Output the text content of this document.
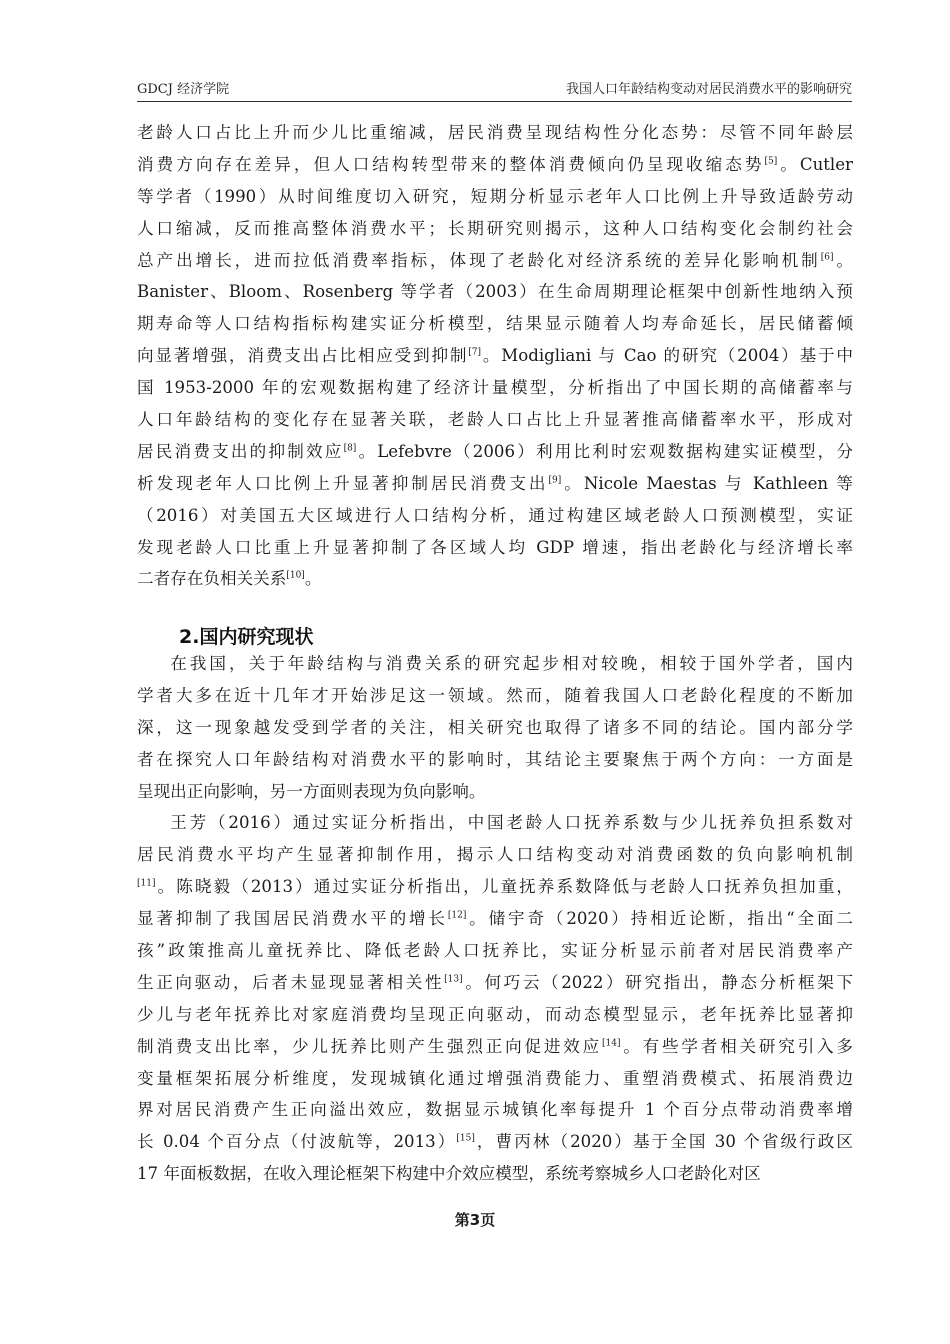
GDCJ 经济学院	我国人口年龄结构变动对居民消费水平的影响研究
老龄人口占比上升而少儿比重缩减，居民消费呈现结构性分化态势：尽管不同年龄层
消费方向存在差异，但人口结构转型带来的整体消费倾向仍呈现收缩态势[5]。Cutler
等学者（1990）从时间维度切入研究，短期分析显示老年人口比例上升导致适龄劳动
人口缩减，反而推高整体消费水平；长期研究则揭示，这种人口结构变化会制约社会
总产出增长，进而拉低消费率指标，体现了老龄化对经济系统的差异化影响机制[6]。
Banister、Bloom、Rosenberg 等学者（2003）在生命周期理论框架中创新性地纳入预
期寿命等人口结构指标构建实证分析模型，结果显示随着人均寿命延长，居民储蓄倾
向显著增强，消费支出占比相应受到抑制[7]。Modigliani 与 Cao 的研究（2004）基于中
国 1953-2000 年的宏观数据构建了经济计量模型，分析指出了中国长期的高储蓄率与
人口年龄结构的变化存在显著关联，老龄人口占比上升显著推高储蓄率水平，形成对
居民消费支出的抑制效应[8]。Lefebvre（2006）利用比利时宏观数据构建实证模型，分
析发现老年人口比例上升显著抑制居民消费支出[9]。Nicole Maestas 与 Kathleen 等
（2016）对美国五大区域进行人口结构分析，通过构建区域老龄人口预测模型，实证
发现老龄人口比重上升显著抑制了各区域人均 GDP 增速，指出老龄化与经济增长率
二者存在负相关关系[10]。
2.国内研究现状
在我国，关于年龄结构与消费关系的研究起步相对较晚，相较于国外学者，国内
学者大多在近十几年才开始涉足这一领域。然而，随着我国人口老龄化程度的不断加
深，这一现象越发受到学者的关注，相关研究也取得了诸多不同的结论。国内部分学
者在探究人口年龄结构对消费水平的影响时，其结论主要聚焦于两个方向：一方面是
呈现出正向影响，另一方面则表现为负向影响。
王芳（2016）通过实证分析指出，中国老龄人口抚养系数与少儿抚养负担系数对
居民消费水平均产生显著抑制作用，揭示人口结构变动对消费函数的负向影响机制
[11]。陈晓毅（2013）通过实证分析指出，儿童抚养系数降低与老龄人口抚养负担加重，
显著抑制了我国居民消费水平的增长[12]。储宇奇（2020）持相近论断，指出“全面二
孩”政策推高儿童抚养比、降低老龄人口抚养比，实证分析显示前者对居民消费率产
生正向驱动，后者未显现显著相关性[13]。何巧云（2022）研究指出，静态分析框架下
少儿与老年抚养比对家庭消费均呈现正向驱动，而动态模型显示，老年抚养比显著抑
制消费支出比率，少儿抚养比则产生强烈正向促进效应[14]。有些学者相关研究引入多
变量框架拓展分析维度，发现城镇化通过增强消费能力、重塑消费模式、拓展消费边
界对居民消费产生正向溢出效应，数据显示城镇化率每提升 1 个百分点带动消费率增
长 0.04 个百分点（付波航等，2013）[15]，曹丙林（2020）基于全国 30 个省级行政区
17 年面板数据，在收入理论框架下构建中介效应模型，系统考察城乡人口老龄化对区
第3页
